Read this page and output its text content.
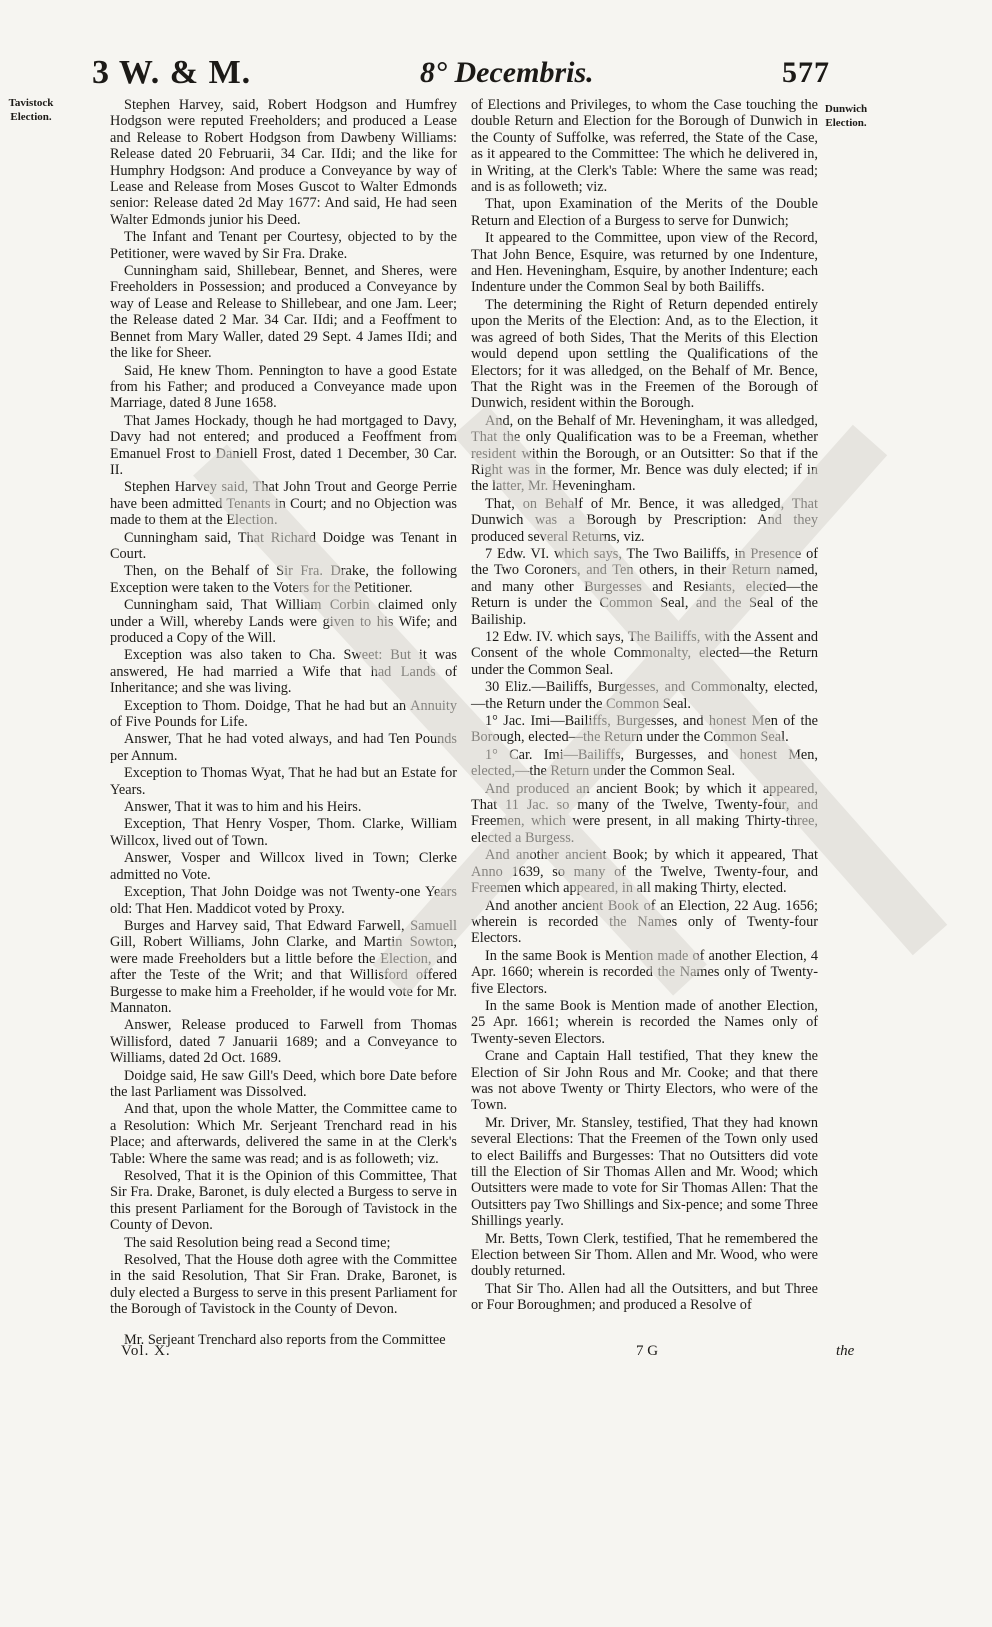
3 W. & M.	8° Decembris.	577
Tavistock Election.
Dunwich Election.

Stephen Harvey, said, Robert Hodgson and Humfrey Hodgson were reputed Freeholders; and produced a Lease and Release to Robert Hodgson from Dawbeny Williams: Release dated 20 Februarii, 34 Car. IIdi; and the like for Humphry Hodgson: And produce a Conveyance by way of Lease and Release from Moses Guscot to Walter Edmonds senior: Release dated 2d May 1677: And said, He had seen Walter Edmonds junior his Deed.

The Infant and Tenant per Courtesy, objected to by the Petitioner, were waved by Sir Fra. Drake.

Cunningham said, Shillebear, Bennet, and Sheres, were Freeholders in Possession; and produced a Conveyance by way of Lease and Release to Shillebear, and one Jam. Leer; the Release dated 2 Mar. 34 Car. IIdi; and a Feoffment to Bennet from Mary Waller, dated 29 Sept. 4 James IIdi; and the like for Sheer.

Said, He knew Thom. Pennington to have a good Estate from his Father; and produced a Conveyance made upon Marriage, dated 8 June 1658.

That James Hockady, though he had mortgaged to Davy, Davy had not entered; and produced a Feoffment from Emanuel Frost to Daniell Frost, dated 1 December, 30 Car. II.

Stephen Harvey said, That John Trout and George Perrie have been admitted Tenants in Court; and no Objection was made to them at the Election.

Cunningham said, That Richard Doidge was Tenant in Court.

Then, on the Behalf of Sir Fra. Drake, the following Exception were taken to the Voters for the Petitioner.

Cunningham said, That William Corbin claimed only under a Will, whereby Lands were given to his Wife; and produced a Copy of the Will.

Exception was also taken to Cha. Sweet: But it was answered, He had married a Wife that had Lands of Inheritance; and she was living.

Exception to Thom. Doidge, That he had but an Annuity of Five Pounds for Life.

Answer, That he had voted always, and had Ten Pounds per Annum.

Exception to Thomas Wyat, That he had but an Estate for Years.

Answer, That it was to him and his Heirs.

Exception, That Henry Vosper, Thom. Clarke, William Willcox, lived out of Town.

Answer, Vosper and Willcox lived in Town; Clerke admitted no Vote.

Exception, That John Doidge was not Twenty-one Years old: That Hen. Maddicot voted by Proxy.

Burges and Harvey said, That Edward Farwell, Samuell Gill, Robert Williams, John Clarke, and Martin Sowton, were made Freeholders but a little before the Election, and after the Teste of the Writ; and that Willisford offered Burgesse to make him a Freeholder, if he would vote for Mr. Mannaton.

Answer, Release produced to Farwell from Thomas Willisford, dated 7 Januarii 1689; and a Conveyance to Williams, dated 2d Oct. 1689.

Doidge said, He saw Gill's Deed, which bore Date before the last Parliament was Dissolved.

And that, upon the whole Matter, the Committee came to a Resolution: Which Mr. Serjeant Trenchard read in his Place; and afterwards, delivered the same in at the Clerk's Table: Where the same was read; and is as followeth; viz.

Resolved, That it is the Opinion of this Committee, That Sir Fra. Drake, Baronet, is duly elected a Burgess to serve in this present Parliament for the Borough of Tavistock in the County of Devon.

The said Resolution being read a Second time;

Resolved, That the House doth agree with the Committee in the said Resolution, That Sir Fran. Drake, Baronet, is duly elected a Burgess to serve in this present Parliament for the Borough of Tavistock in the County of Devon.

Mr. Serjeant Trenchard also reports from the Committee

of Elections and Privileges, to whom the Case touching the double Return and Election for the Borough of Dunwich in the County of Suffolke, was referred, the State of the Case, as it appeared to the Committee: The which he delivered in, in Writing, at the Clerk's Table: Where the same was read; and is as followeth; viz.

That, upon Examination of the Merits of the Double Return and Election of a Burgess to serve for Dunwich;

It appeared to the Committee, upon view of the Record, That John Bence, Esquire, was returned by one Indenture, and Hen. Heveningham, Esquire, by another Indenture; each Indenture under the Common Seal by both Bailiffs.

The determining the Right of Return depended entirely upon the Merits of the Election: And, as to the Election, it was agreed of both Sides, That the Merits of this Election would depend upon settling the Qualifications of the Electors; for it was alledged, on the Behalf of Mr. Bence, That the Right was in the Freemen of the Borough of Dunwich, resident within the Borough.

And, on the Behalf of Mr. Heveningham, it was alledged, That the only Qualification was to be a Freeman, whether resident within the Borough, or an Outsitter: So that if the Right was in the former, Mr. Bence was duly elected; if in the latter, Mr. Heveningham.

That, on Behalf of Mr. Bence, it was alledged, That Dunwich was a Borough by Prescription: And they produced several Returns, viz.

7 Edw. VI. which says, The Two Bailiffs, in Presence of the Two Coroners, and Ten others, in their Return named, and many other Burgesses and Resiants, elected—the Return is under the Common Seal, and the Seal of the Bailiship.

12 Edw. IV. which says, The Bailiffs, with the Assent and Consent of the whole Commonalty, elected—the Return under the Common Seal.

30 Eliz.—Bailiffs, Burgesses, and Commonalty, elected, —the Return under the Common Seal.

1° Jac. Imi—Bailiffs, Burgesses, and honest Men of the Borough, elected—the Return under the Common Seal.

1° Car. Imi—Bailiffs, Burgesses, and honest Men, elected,—the Return under the Common Seal.

And produced an ancient Book; by which it appeared, That 11 Jac. so many of the Twelve, Twenty-four, and Freemen, which were present, in all making Thirty-three, elected a Burgess.

And another ancient Book; by which it appeared, That Anno 1639, so many of the Twelve, Twenty-four, and Freemen which appeared, in all making Thirty, elected.

And another ancient Book of an Election, 22 Aug. 1656; wherein is recorded the Names only of Twenty-four Electors.

In the same Book is Mention made of another Election, 4 Apr. 1660; wherein is recorded the Names only of Twenty-five Electors.

In the same Book is Mention made of another Election, 25 Apr. 1661; wherein is recorded the Names only of Twenty-seven Electors.

Crane and Captain Hall testified, That they knew the Election of Sir John Rous and Mr. Cooke; and that there was not above Twenty or Thirty Electors, who were of the Town.

Mr. Driver, Mr. Stansley, testified, That they had known several Elections: That the Freemen of the Town only used to elect Bailiffs and Burgesses: That no Outsitters did vote till the Election of Sir Thomas Allen and Mr. Wood; which Outsitters were made to vote for Sir Thomas Allen: That the Outsitters pay Two Shillings and Six-pence; and some Three Shillings yearly.

Mr. Betts, Town Clerk, testified, That he remembered the Election between Sir Thom. Allen and Mr. Wood, who were doubly returned.

That Sir Tho. Allen had all the Outsitters, and but Three or Four Boroughmen; and produced a Resolve of

Vol. X.	7 G	the
